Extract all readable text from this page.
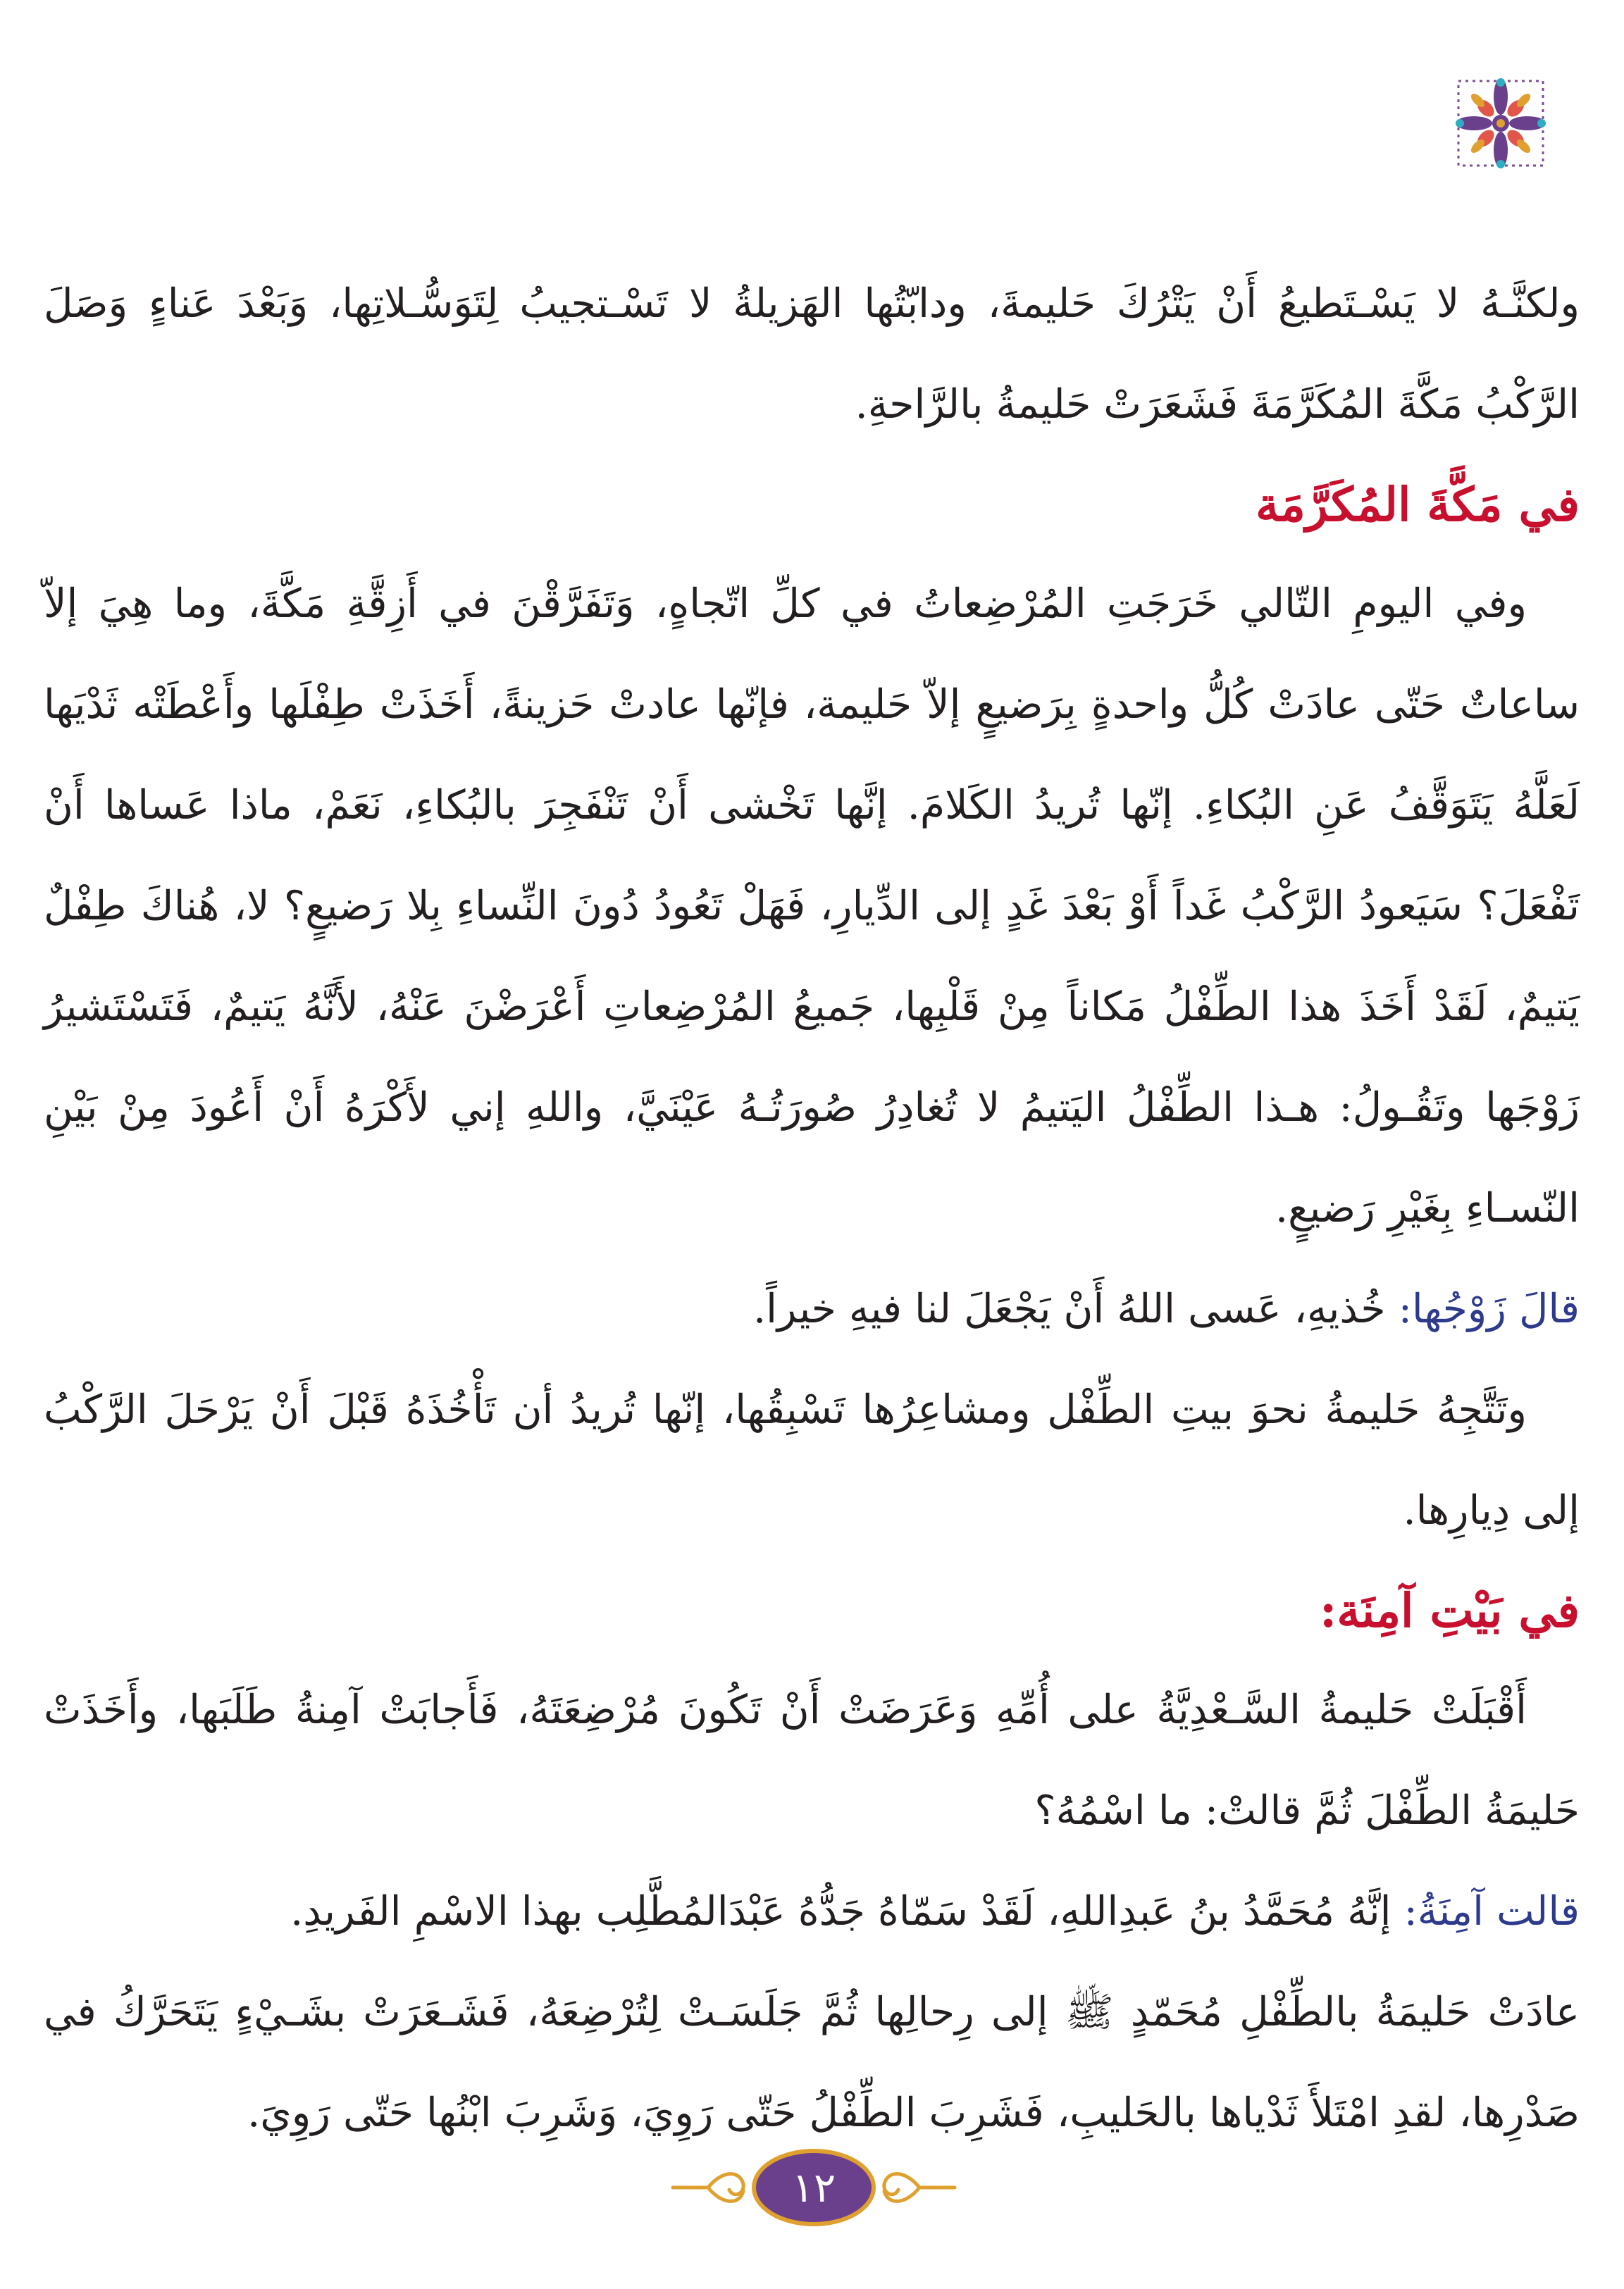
ولكنَّـهُ لا يَسْـتَطيعُ أَنْ يَتْرُكَ حَليمةَ، ودابّتُها الهَزيلةُ لا تَسْـتجيبُ لِتَوَسُّـلاتِها، وَبَعْدَ عَناءٍ وَصَلَ الرَّكْبُ مَكَّةَ المُكَرَّمَةَ فَشَعَرَتْ حَليمةُ بالرَّاحةِ.

في مَكَّةَ المُكَرَّمَة

وفي اليومِ التّالي خَرَجَتِ المُرْضِعاتُ في كلِّ اتّجاهٍ، وَتَفَرَّقْنَ في أَزِقَّةِ مَكَّةَ، وما هِيَ إلاّ ساعاتٌ حَتّى عادَتْ كُلُّ واحدةٍ بِرَضيعٍ إلاّ حَليمة، فإنّها عادتْ حَزينةً، أَخَذَتْ طِفْلَها وأَعْطَتْه ثَدْيَها لَعَلَّهُ يَتَوَقَّفُ عَنِ البُكاءِ. إنّها تُريدُ الكَلامَ. إنَّها تَخْشى أَنْ تَنْفَجِرَ بالبُكاءِ، نَعَمْ، ماذا عَساها أَنْ تَفْعَلَ؟ سَيَعودُ الرَّكْبُ غَداً أَوْ بَعْدَ غَدٍ إلى الدِّيارِ، فَهَلْ تَعُودُ دُونَ النِّساءِ بِلا رَضيعٍ؟ لا، هُناكَ طِفْلٌ يَتيمٌ، لَقَدْ أَخَذَ هذا الطِّفْلُ مَكاناً مِنْ قَلْبِها، جَميعُ المُرْضِعاتِ أَعْرَضْنَ عَنْهُ، لأَنَّهُ يَتيمٌ، فَتَسْتَشيرُ زَوْجَها وتَقُـولُ: هـذا الطِّفْلُ اليَتيمُ لا تُغادِرُ صُورَتُـهُ عَيْنَيَّ، واللهِ إني لأَكْرَهُ أَنْ أَعُودَ مِنْ بَيْنِ النّسـاءِ بِغَيْرِ رَضيعٍ.

قالَ زَوْجُها: خُذيهِ، عَسى اللهُ أَنْ يَجْعَلَ لنا فيهِ خيراً.

وتَتَّجِهُ حَليمةُ نحوَ بيتِ الطِّفْل ومشاعِرُها تَسْبِقُها، إنّها تُريدُ أن تَأْخُذَهُ قَبْلَ أَنْ يَرْحَلَ الرَّكْبُ إلى دِيارِها.

في بَيْتِ آمِنَة:

أَقْبَلَتْ حَليمةُ السَّـعْدِيَّةُ على أُمِّهِ وَعَرَضَتْ أَنْ تَكُونَ مُرْضِعَتَهُ، فَأَجابَتْ آمِنةُ طَلَبَها، وأَخَذَتْ حَليمَةُ الطِّفْلَ ثُمَّ قالتْ: ما اسْمُهُ؟

قالت آمِنَةُ: إنَّهُ مُحَمَّدُ بنُ عَبدِاللهِ، لَقَدْ سَمّاهُ جَدُّهُ عَبْدَالمُطَّلِب بهذا الاسْمِ الفَريدِ.

عادَتْ حَليمَةُ بالطِّفْلِ مُحَمّدٍ ﷺ إلى رِحالِها ثُمَّ جَلَسَـتْ لِتُرْضِعَهُ، فَشَـعَرَتْ بشَـيْءٍ يَتَحَرَّكُ في صَدْرِها، لقدِ امْتَلأَ ثَدْياها بالحَليبِ، فَشَرِبَ الطِّفْلُ حَتّى رَوِيَ، وَشَرِبَ ابْنُها حَتّى رَوِيَ.

١٢
